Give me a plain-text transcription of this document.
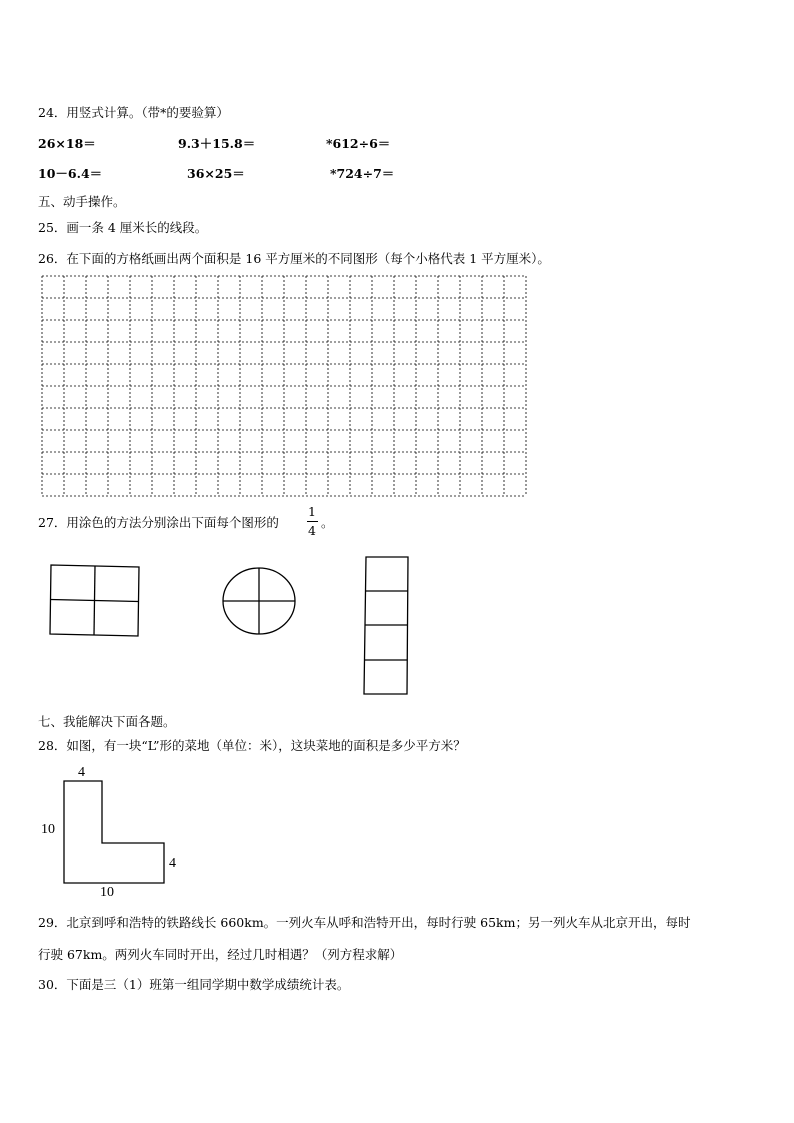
24．用竖式计算。（带*的要验算）
26×18＝	9.3＋15.8＝	*612÷6＝
10－6.4＝	36×25＝	*724÷7＝
五、动手操作。
25．画一条 4 厘米长的线段。
26．在下面的方格纸画出两个面积是 16 平方厘米的不同图形（每个小格代表 1 平方厘米）。
27．用涂色的方法分别涂出下面每个图形的
1
4
。
七、我能解决下面各题。
28．如图，有一块“L”形的菜地（单位：米），这块菜地的面积是多少平方米？
4
10
4
10
29．北京到呼和浩特的铁路线长 660km。一列火车从呼和浩特开出，每时行驶 65km；另一列火车从北京开出，每时
行驶 67km。两列火车同时开出，经过几时相遇？（列方程求解）
30．下面是三（1）班第一组同学期中数学成绩统计表。
